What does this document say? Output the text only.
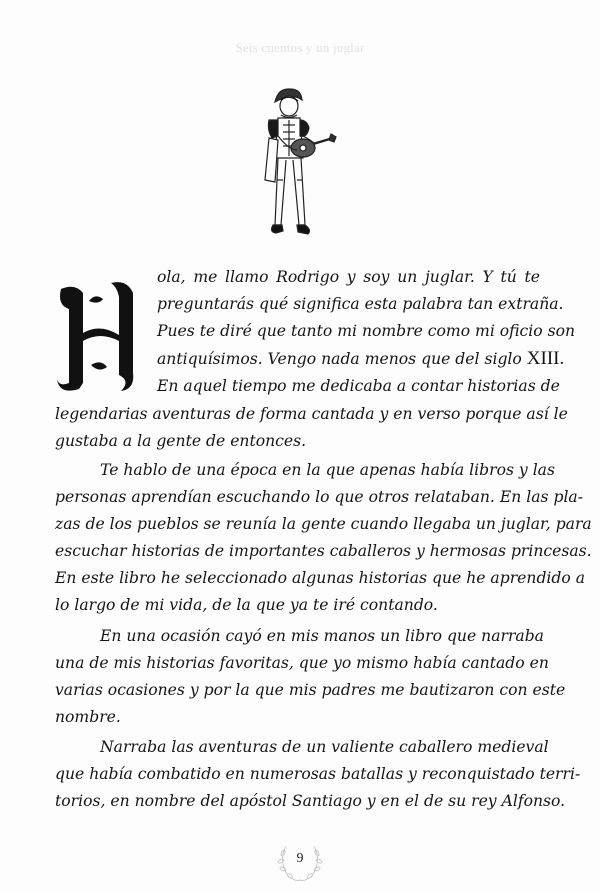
Seis cuentos y un juglar
ola, me llamo Rodrigo y soy un juglar. Y tú te
preguntarás qué significa esta palabra tan extraña.
Pues te diré que tanto mi nombre como mi oficio son
antiquísimos. Vengo nada menos que del siglo XIII.
En aquel tiempo me dedicaba a contar historias de
legendarias aventuras de forma cantada y en verso porque así le
gustaba a la gente de entonces.
Te hablo de una época en la que apenas había libros y las
personas aprendían escuchando lo que otros relataban. En las pla-
zas de los pueblos se reunía la gente cuando llegaba un juglar, para
escuchar historias de importantes caballeros y hermosas princesas.
En este libro he seleccionado algunas historias que he aprendido a
lo largo de mi vida, de la que ya te iré contando.
En una ocasión cayó en mis manos un libro que narraba
una de mis historias favoritas, que yo mismo había cantado en
varias ocasiones y por la que mis padres me bautizaron con este
nombre.
Narraba las aventuras de un valiente caballero medieval
que había combatido en numerosas batallas y reconquistado terri-
torios, en nombre del apóstol Santiago y en el de su rey Alfonso.
9
